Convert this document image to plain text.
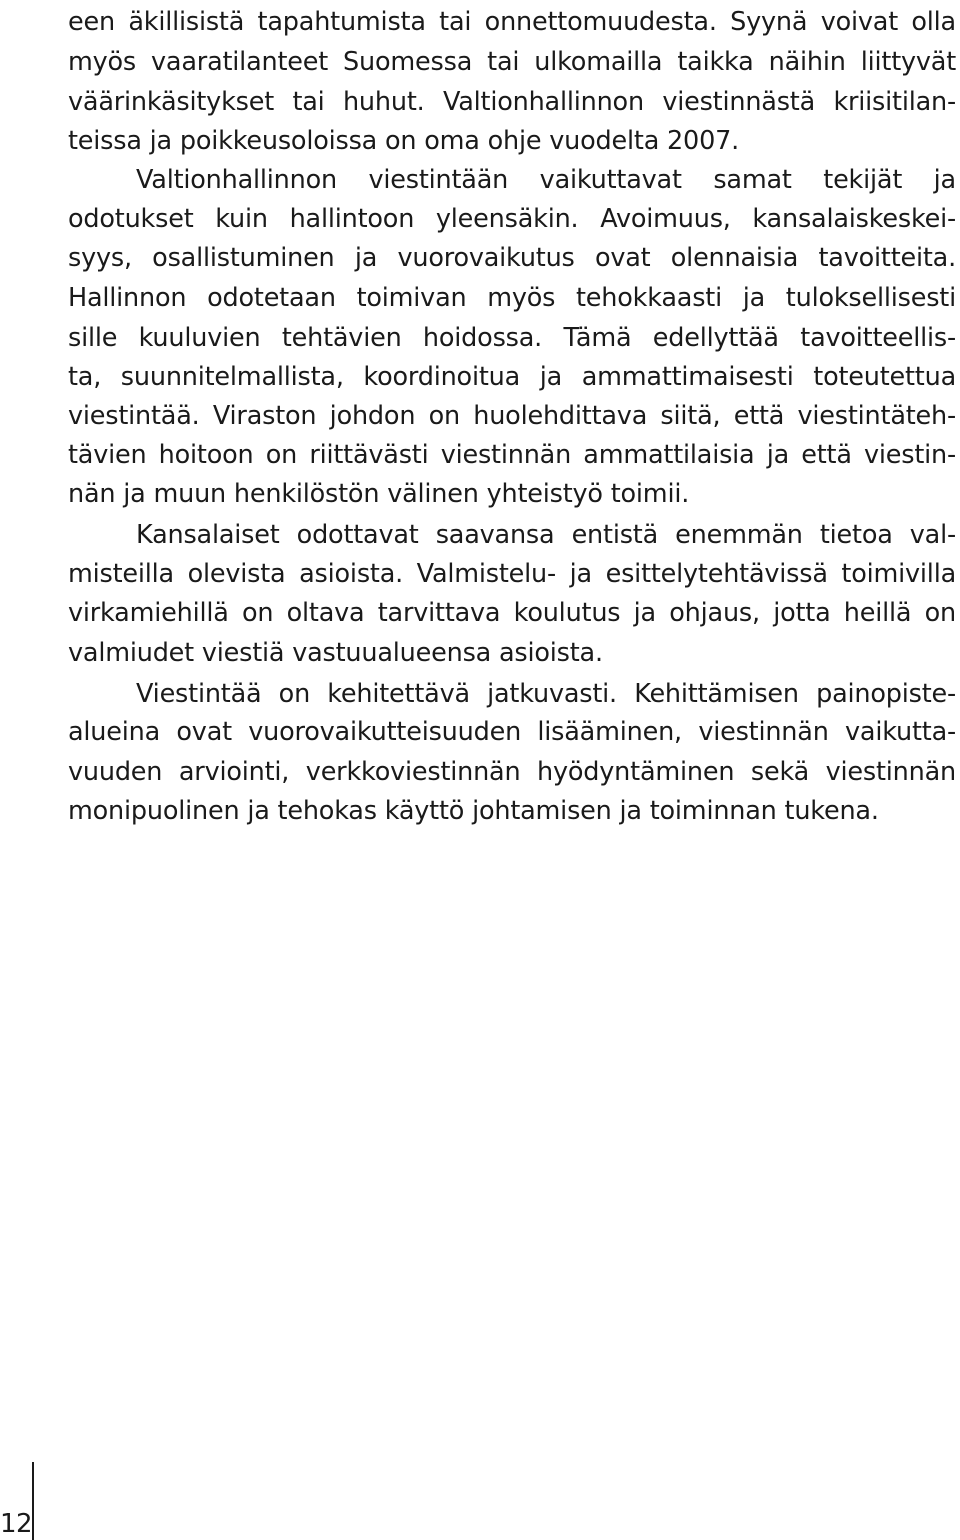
een äkillisistä tapahtumista tai onnettomuudesta. Syynä voivat olla
myös vaaratilanteet Suomessa tai ulkomailla taikka näihin liittyvät
väärinkäsitykset tai huhut. Valtionhallinnon viestinnästä kriisitilan-
teissa ja poikkeusoloissa on oma ohje vuodelta 2007.
Valtionhallinnon viestintään vaikuttavat samat tekijät ja
odotukset kuin hallintoon yleensäkin. Avoimuus, kansalaiskeskei-
syys, osallistuminen ja vuorovaikutus ovat olennaisia tavoitteita.
Hallinnon odotetaan toimivan myös tehokkaasti ja tuloksellisesti
sille kuuluvien tehtävien hoidossa. Tämä edellyttää tavoitteellis-
ta, suunnitelmallista, koordinoitua ja ammattimaisesti toteutettua
viestintää. Viraston johdon on huolehdittava siitä, että viestintäteh-
tävien hoitoon on riittävästi viestinnän ammattilaisia ja että viestin-
nän ja muun henkilöstön välinen yhteistyö toimii.
Kansalaiset odottavat saavansa entistä enemmän tietoa val-
misteilla olevista asioista. Valmistelu- ja esittelytehtävissä toimivilla
virkamiehillä on oltava tarvittava koulutus ja ohjaus, jotta heillä on
valmiudet viestiä vastuualueensa asioista.
Viestintää on kehitettävä jatkuvasti. Kehittämisen painopiste-
alueina ovat vuorovaikutteisuuden lisääminen, viestinnän vaikutta-
vuuden arviointi, verkkoviestinnän hyödyntäminen sekä viestinnän
monipuolinen ja tehokas käyttö johtamisen ja toiminnan tukena.
12
